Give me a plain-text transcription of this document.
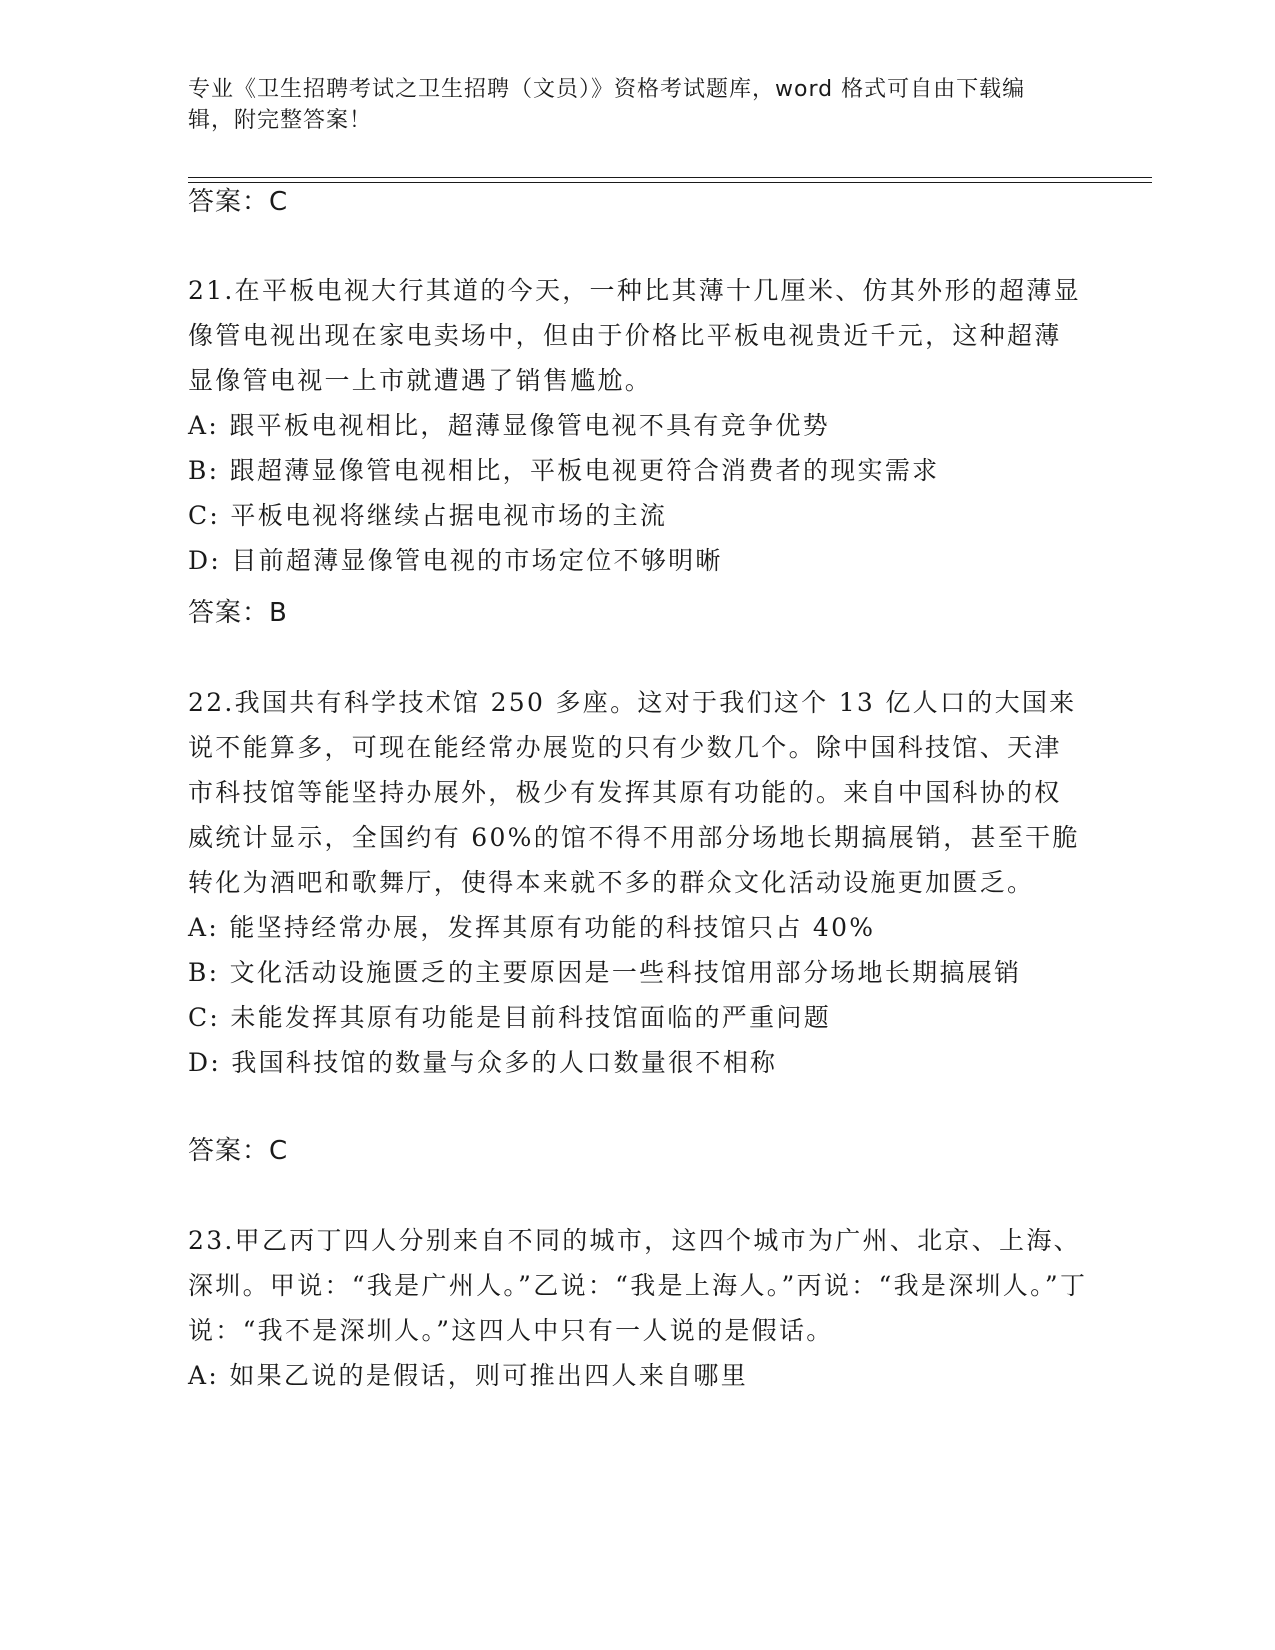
专业《卫生招聘考试之卫生招聘（文员）》资格考试题库，word 格式可自由下载编辑，附完整答案！
答案：C

21.在平板电视大行其道的今天，一种比其薄十几厘米、仿其外形的超薄显像管电视出现在家电卖场中，但由于价格比平板电视贵近千元，这种超薄显像管电视一上市就遭遇了销售尴尬。

A: 跟平板电视相比，超薄显像管电视不具有竞争优势

B: 跟超薄显像管电视相比，平板电视更符合消费者的现实需求

C: 平板电视将继续占据电视市场的主流

D: 目前超薄显像管电视的市场定位不够明晰

答案：B

22.我国共有科学技术馆 250 多座。这对于我们这个 13 亿人口的大国来说不能算多，可现在能经常办展览的只有少数几个。除中国科技馆、天津市科技馆等能坚持办展外，极少有发挥其原有功能的。来自中国科协的权威统计显示，全国约有 60%的馆不得不用部分场地长期搞展销，甚至干脆转化为酒吧和歌舞厅，使得本来就不多的群众文化活动设施更加匮乏。

A: 能坚持经常办展，发挥其原有功能的科技馆只占 40%

B: 文化活动设施匮乏的主要原因是一些科技馆用部分场地长期搞展销

C: 未能发挥其原有功能是目前科技馆面临的严重问题

D: 我国科技馆的数量与众多的人口数量很不相称

答案：C

23.甲乙丙丁四人分别来自不同的城市，这四个城市为广州、北京、上海、深圳。甲说：“我是广州人。”乙说：“我是上海人。”丙说：“我是深圳人。”丁说：“我不是深圳人。”这四人中只有一人说的是假话。

A: 如果乙说的是假话，则可推出四人来自哪里
